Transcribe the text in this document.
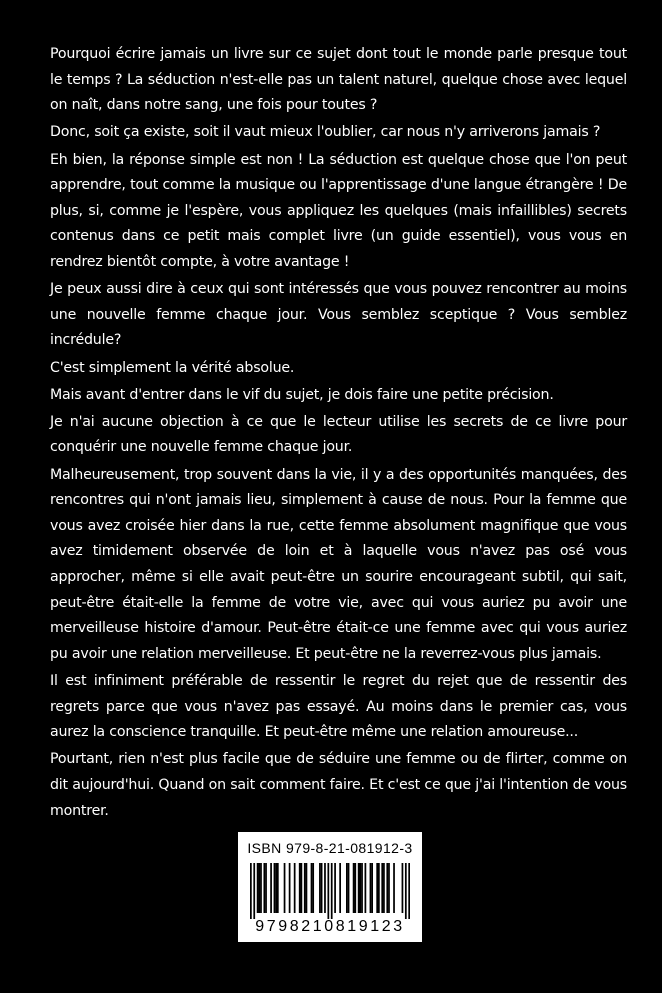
Pourquoi écrire jamais un livre sur ce sujet dont tout le monde parle presque tout le temps ? La séduction n'est-elle pas un talent naturel, quelque chose avec lequel on naît, dans notre sang, une fois pour toutes ?

Donc, soit ça existe, soit il vaut mieux l'oublier, car nous n'y arriverons jamais ?

Eh bien, la réponse simple est non ! La séduction est quelque chose que l'on peut apprendre, tout comme la musique ou l'apprentissage d'une langue étrangère ! De plus, si, comme je l'espère, vous appliquez les quelques (mais infaillibles) secrets contenus dans ce petit mais complet livre (un guide essentiel), vous vous en rendrez bientôt compte, à votre avantage !

Je peux aussi dire à ceux qui sont intéressés que vous pouvez rencontrer au moins une nouvelle femme chaque jour. Vous semblez sceptique ? Vous semblez incrédule?

C'est simplement la vérité absolue.

Mais avant d'entrer dans le vif du sujet, je dois faire une petite précision.

Je n'ai aucune objection à ce que le lecteur utilise les secrets de ce livre pour conquérir une nouvelle femme chaque jour.

Malheureusement, trop souvent dans la vie, il y a des opportunités manquées, des rencontres qui n'ont jamais lieu, simplement à cause de nous. Pour la femme que vous avez croisée hier dans la rue, cette femme absolument magnifique que vous avez timidement observée de loin et à laquelle vous n'avez pas osé vous approcher, même si elle avait peut-être un sourire encourageant subtil, qui sait, peut-être était-elle la femme de votre vie, avec qui vous auriez pu avoir une merveilleuse histoire d'amour. Peut-être était-ce une femme avec qui vous auriez pu avoir une relation merveilleuse. Et peut-être ne la reverrez-vous plus jamais.

Il est infiniment préférable de ressentir le regret du rejet que de ressentir des regrets parce que vous n'avez pas essayé. Au moins dans le premier cas, vous aurez la conscience tranquille. Et peut-être même une relation amoureuse...

Pourtant, rien n'est plus facile que de séduire une femme ou de flirter, comme on dit aujourd'hui. Quand on sait comment faire. Et c'est ce que j'ai l'intention de vous montrer.

ISBN 979-8-21-081912-3
9798210819123
